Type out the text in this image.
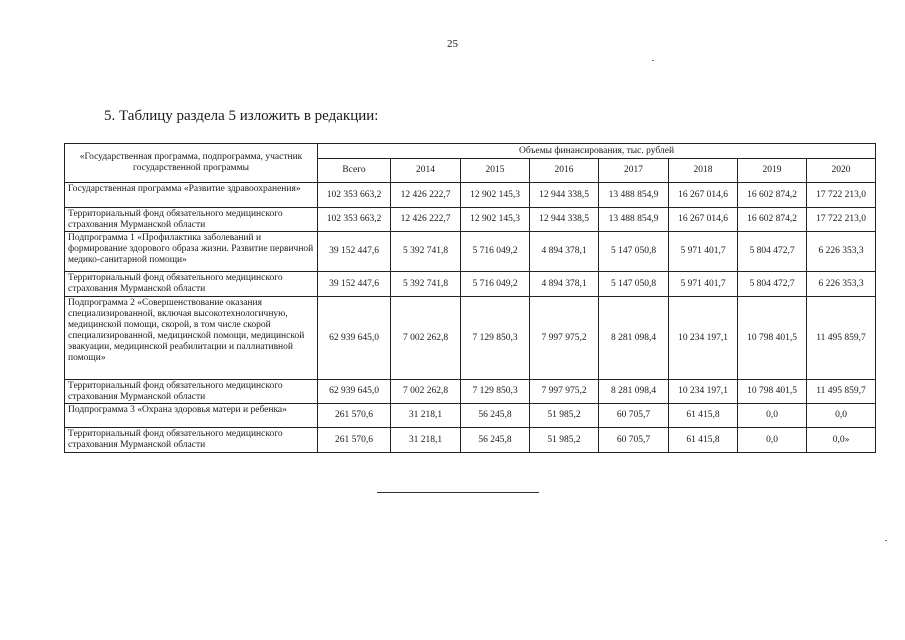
25
5. Таблицу раздела 5 изложить в редакции:
«Государственная программа, подпрограмма, участник государственной программы	Объемы финансирования, тыс. рублей							
	Всего	2014	2015	2016	2017	2018	2019	2020
Государственная программа «Развитие здравоохранения»	102 353 663,2	12 426 222,7	12 902 145,3	12 944 338,5	13 488 854,9	16 267 014,6	16 602 874,2	17 722 213,0
Территориальный фонд обязательного медицинского страхования Мурманской области	102 353 663,2	12 426 222,7	12 902 145,3	12 944 338,5	13 488 854,9	16 267 014,6	16 602 874,2	17 722 213,0
Подпрограмма 1 «Профилактика заболеваний и формирование здорового образа жизни. Развитие первичной медико-санитарной помощи»	39 152 447,6	5 392 741,8	5 716 049,2	4 894 378,1	5 147 050,8	5 971 401,7	5 804 472,7	6 226 353,3
Территориальный фонд обязательного медицинского страхования Мурманской области	39 152 447,6	5 392 741,8	5 716 049,2	4 894 378,1	5 147 050,8	5 971 401,7	5 804 472,7	6 226 353,3
Подпрограмма 2 «Совершенствование оказания специализированной, включая высокотехнологичную, медицинской помощи, скорой, в том числе скорой специализированной, медицинской помощи, медицинской эвакуации, медицинской реабилитации и паллиативной помощи»	62 939 645,0	7 002 262,8	7 129 850,3	7 997 975,2	8 281 098,4	10 234 197,1	10 798 401,5	11 495 859,7
Территориальный фонд обязательного медицинского страхования Мурманской области	62 939 645,0	7 002 262,8	7 129 850,3	7 997 975,2	8 281 098,4	10 234 197,1	10 798 401,5	11 495 859,7
Подпрограмма 3 «Охрана здоровья матери и ребенка»	261 570,6	31 218,1	56 245,8	51 985,2	60 705,7	61 415,8	0,0	0,0
Территориальный фонд обязательного медицинского страхования Мурманской области	261 570,6	31 218,1	56 245,8	51 985,2	60 705,7	61 415,8	0,0	0,0»
